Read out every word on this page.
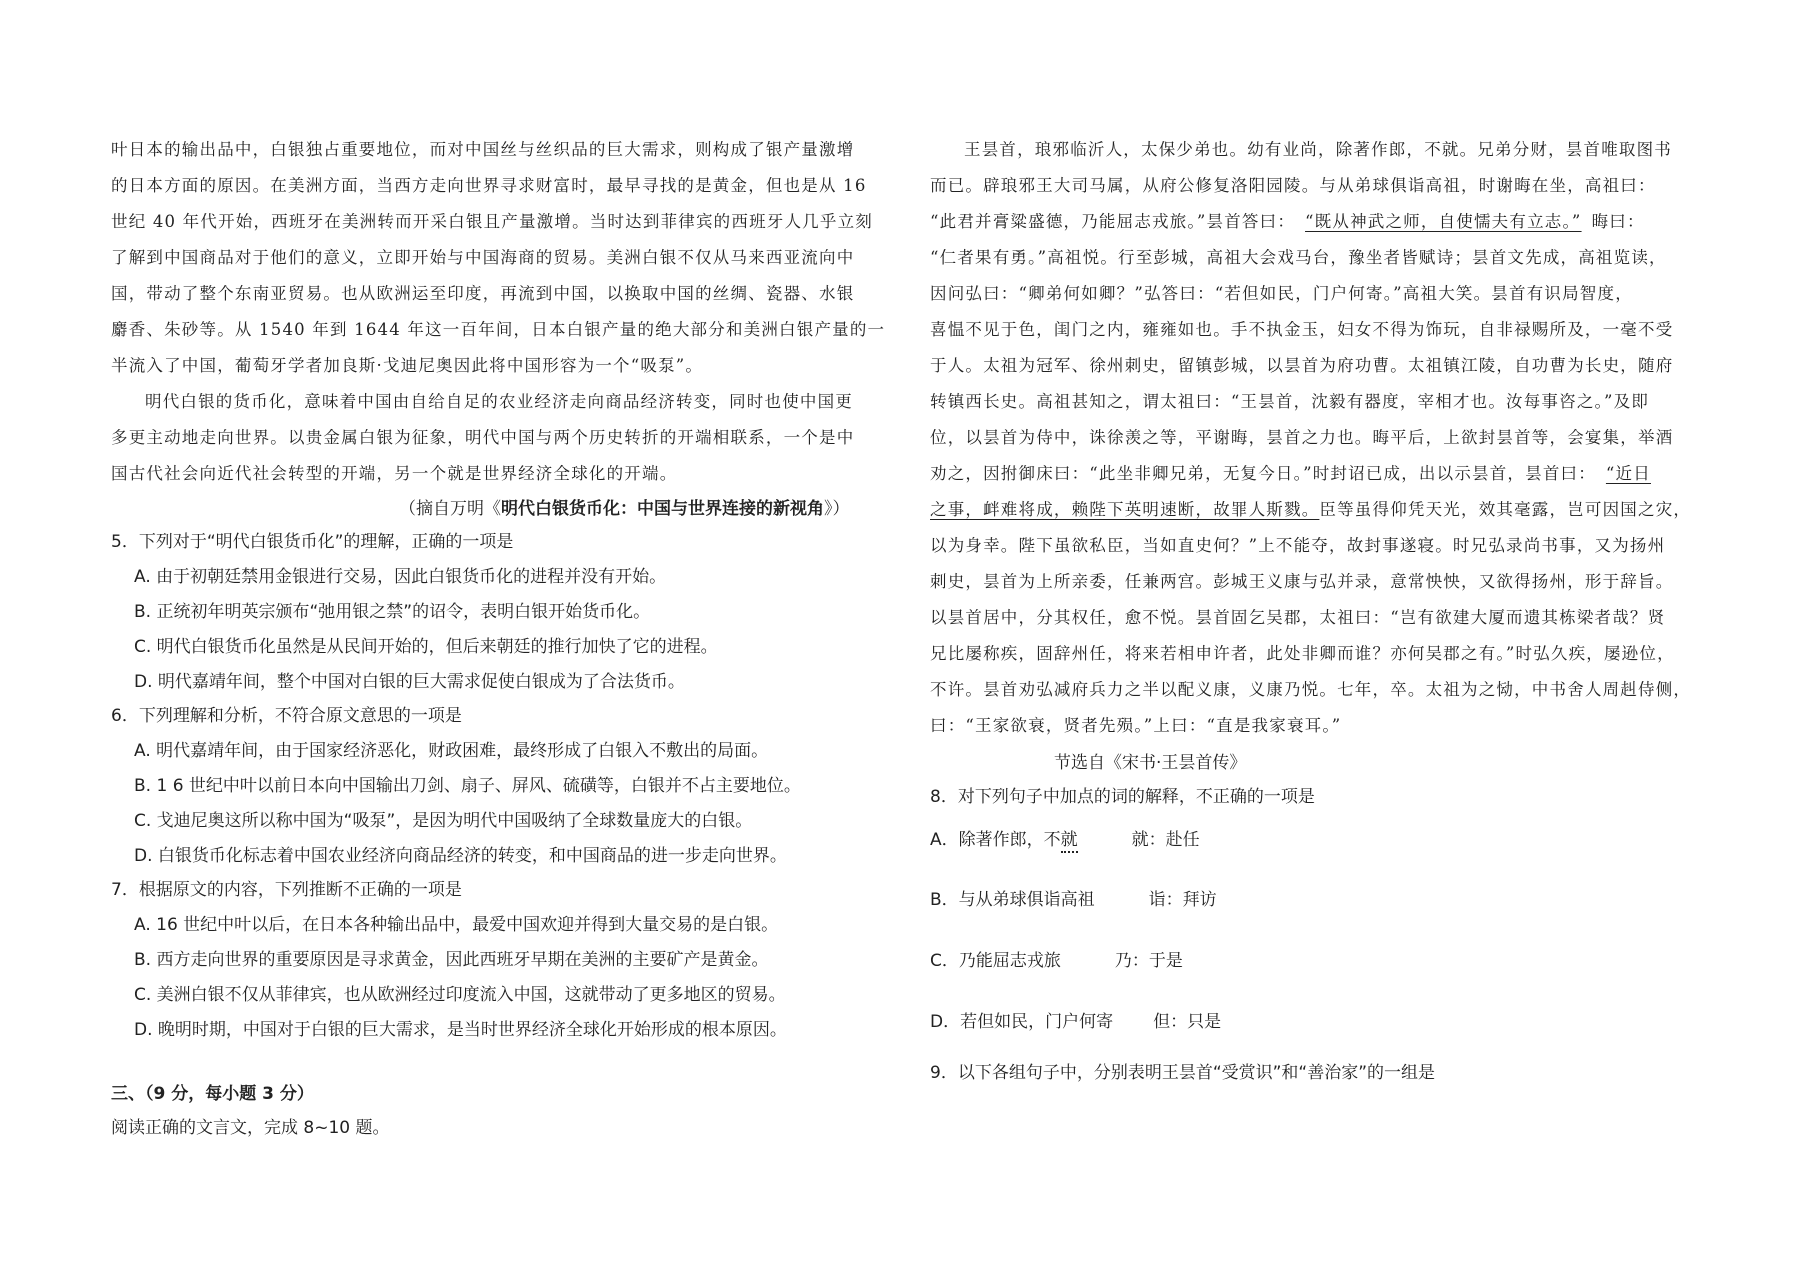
叶日本的输出品中，白银独占重要地位，而对中国丝与丝织品的巨大需求，则构成了银产量激增
的日本方面的原因。在美洲方面，当西方走向世界寻求财富时，最早寻找的是黄金，但也是从 16
世纪 40 年代开始，西班牙在美洲转而开采白银且产量激增。当时达到菲律宾的西班牙人几乎立刻
了解到中国商品对于他们的意义，立即开始与中国海商的贸易。美洲白银不仅从马来西亚流向中
国，带动了整个东南亚贸易。也从欧洲运至印度，再流到中国，以换取中国的丝绸、瓷器、水银
麝香、朱砂等。从 1540 年到 1644 年这一百年间，日本白银产量的绝大部分和美洲白银产量的一
半流入了中国，葡萄牙学者加良斯·戈迪尼奥因此将中国形容为一个“吸泵”。
明代白银的货币化，意味着中国由自给自足的农业经济走向商品经济转变，同时也使中国更
多更主动地走向世界。以贵金属白银为征象，明代中国与两个历史转折的开端相联系，一个是中
国古代社会向近代社会转型的开端，另一个就是世界经济全球化的开端。
（摘自万明《明代白银货币化：中国与世界连接的新视角》）
5．下列对于“明代白银货币化”的理解，正确的一项是
A. 由于初朝廷禁用金银进行交易，因此白银货币化的进程并没有开始。
B. 正统初年明英宗颁布“弛用银之禁”的诏令，表明白银开始货币化。
C. 明代白银货币化虽然是从民间开始的，但后来朝廷的推行加快了它的进程。
D. 明代嘉靖年间，整个中国对白银的巨大需求促使白银成为了合法货币。
6．下列理解和分析，不符合原文意思的一项是
A. 明代嘉靖年间，由于国家经济恶化，财政困难，最终形成了白银入不敷出的局面。
B. 1 6 世纪中叶以前日本向中国输出刀剑、扇子、屏风、硫磺等，白银并不占主要地位。
C. 戈迪尼奥这所以称中国为“吸泵”，是因为明代中国吸纳了全球数量庞大的白银。
D. 白银货币化标志着中国农业经济向商品经济的转变，和中国商品的进一步走向世界。
7．根据原文的内容，下列推断不正确的一项是
A. 16 世纪中叶以后，在日本各种输出品中，最爱中国欢迎并得到大量交易的是白银。
B. 西方走向世界的重要原因是寻求黄金，因此西班牙早期在美洲的主要矿产是黄金。
C. 美洲白银不仅从菲律宾，也从欧洲经过印度流入中国，这就带动了更多地区的贸易。
D. 晚明时期，中国对于白银的巨大需求，是当时世界经济全球化开始形成的根本原因。
三、（9 分，每小题 3 分）
阅读正确的文言文，完成 8~10 题。
王昙首，琅邪临沂人，太保少弟也。幼有业尚，除著作郎，不就。兄弟分财，昙首唯取图书
而已。辟琅邪王大司马属，从府公修复洛阳园陵。与从弟球俱诣高祖，时谢晦在坐，高祖曰：
“此君并膏粱盛德，乃能屈志戎旅。”昙首答曰： “既从神武之师，自使懦夫有立志。” 晦曰：
“仁者果有勇。”高祖悦。行至彭城，高祖大会戏马台，豫坐者皆赋诗；昙首文先成，高祖览读，
因问弘曰：“卿弟何如卿？”弘答曰：“若但如民，门户何寄。”高祖大笑。昙首有识局智度，
喜愠不见于色，闺门之内，雍雍如也。手不执金玉，妇女不得为饰玩，自非禄赐所及，一毫不受
于人。太祖为冠军、徐州刺史，留镇彭城，以昙首为府功曹。太祖镇江陵，自功曹为长史，随府
转镇西长史。高祖甚知之，谓太祖曰：“王昙首，沈毅有器度，宰相才也。汝每事咨之。”及即
位，以昙首为侍中，诛徐羡之等，平谢晦，昙首之力也。晦平后，上欲封昙首等，会宴集，举酒
劝之，因拊御床曰：“此坐非卿兄弟，无复今日。”时封诏已成，出以示昙首，昙首曰： “近日
之事，衅难将成，赖陛下英明速断，故罪人斯戮。臣等虽得仰凭天光，效其毫露，岂可因国之灾，
以为身幸。陛下虽欲私臣，当如直史何？”上不能夺，故封事遂寝。时兄弘录尚书事，又为扬州
刺史，昙首为上所亲委，任兼两宫。彭城王义康与弘并录，意常怏怏，又欲得扬州，形于辞旨。
以昙首居中，分其权任，愈不悦。昙首固乞吴郡，太祖曰：“岂有欲建大厦而遗其栋梁者哉？贤
兄比屡称疾，固辞州任，将来若相申许者，此处非卿而谁？亦何吴郡之有。”时弘久疾，屡逊位，
不许。昙首劝弘减府兵力之半以配义康，义康乃悦。七年，卒。太祖为之恸，中书舍人周赳侍侧，
曰：“王家欲衰，贤者先殒。”上曰：“直是我家衰耳。”
节选自《宋书·王昙首传》
8．对下列句子中加点的词的解释，不正确的一项是
A．除著作郎，不就	就：赴任
B．与从弟球俱诣高祖	诣：拜访
C．乃能屈志戎旅	乃：于是
D．若但如民，门户何寄 但：只是
9．以下各组句子中，分别表明王昙首“受赏识”和“善治家”的一组是
